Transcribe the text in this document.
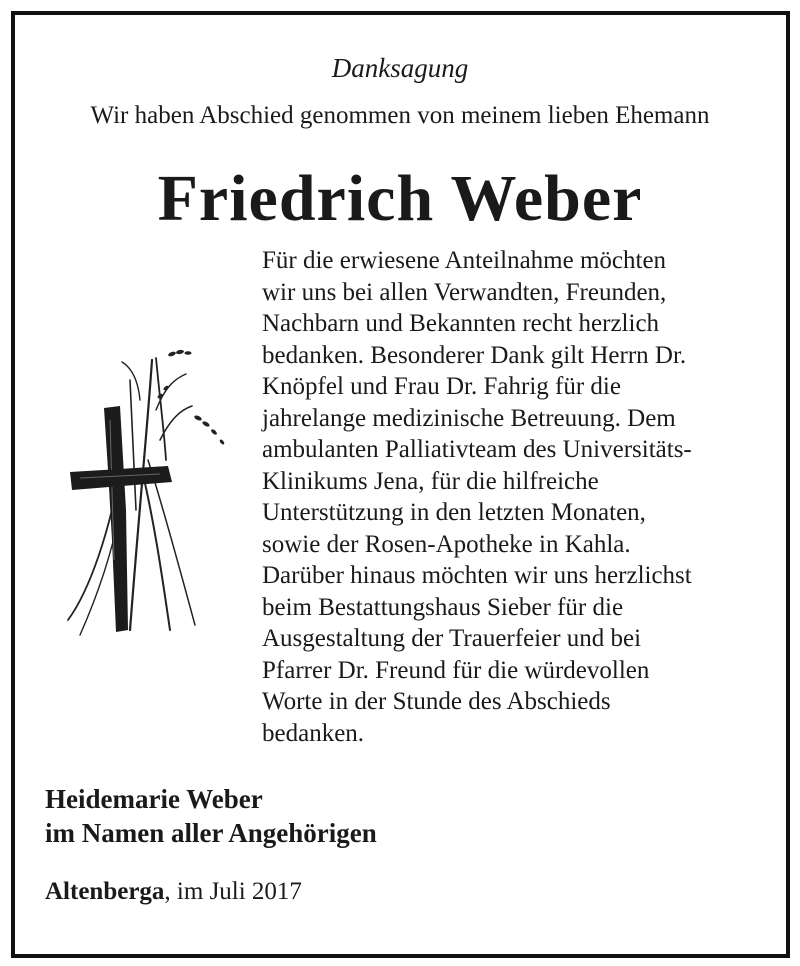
Danksagung
Wir haben Abschied genommen von meinem lieben Ehemann
Friedrich Weber
Für die erwiesene Anteilnahme möchten
wir uns bei allen Verwandten, Freunden,
Nachbarn und Bekannten recht herzlich
bedanken. Besonderer Dank gilt Herrn Dr.
Knöpfel und Frau Dr. Fahrig für die
jahrelange medizinische Betreuung. Dem
ambulanten Palliativteam des Universitäts-
Klinikums Jena, für die hilfreiche
Unterstützung in den letzten Monaten,
sowie der Rosen-Apotheke in Kahla.
Darüber hinaus möchten wir uns herzlichst
beim Bestattungshaus Sieber für die
Ausgestaltung der Trauerfeier und bei
Pfarrer Dr. Freund für die würdevollen
Worte in der Stunde des Abschieds
bedanken.
Heidemarie Weber
im Namen aller Angehörigen
Altenberga, im Juli 2017
